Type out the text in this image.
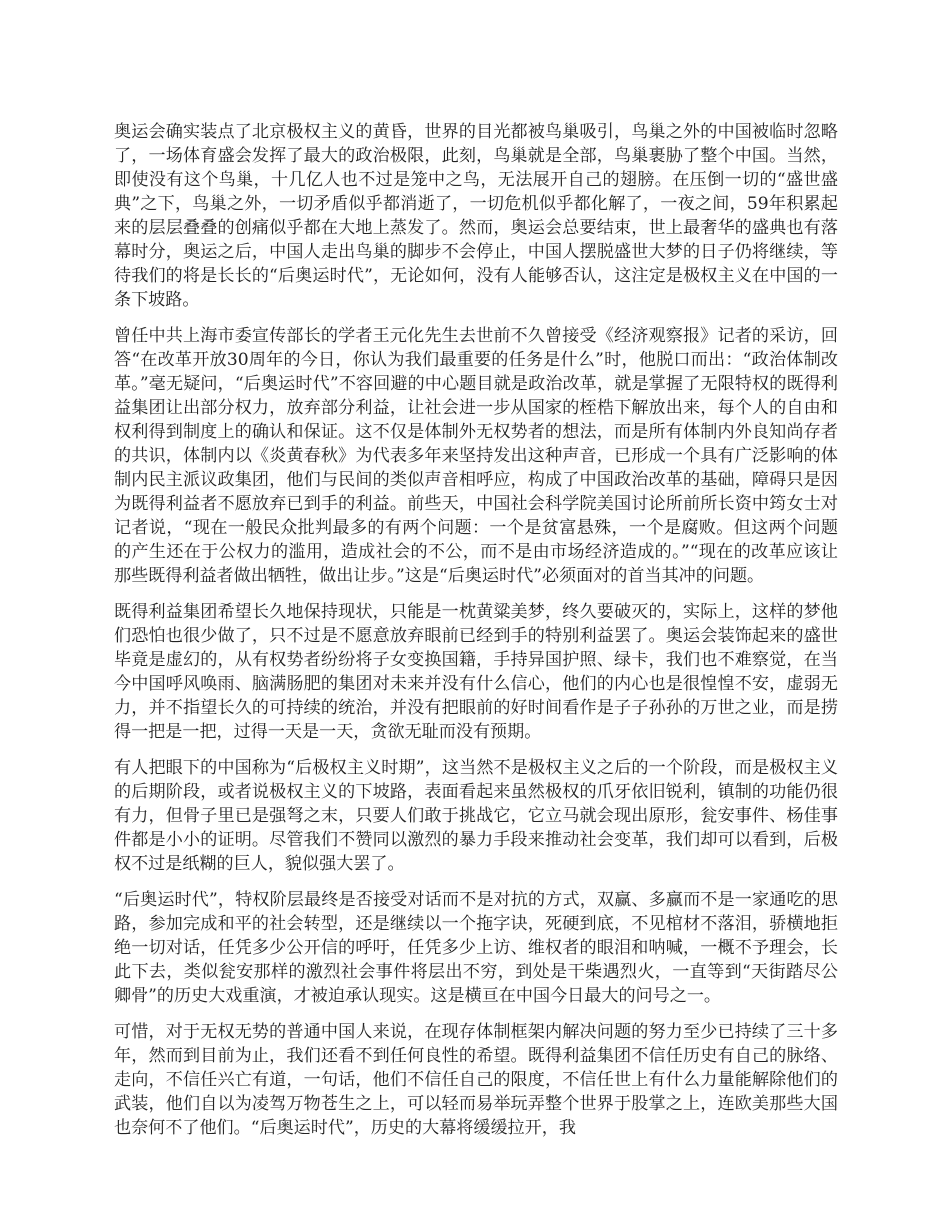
奥运会确实装点了北京极权主义的黄昏，世界的目光都被鸟巢吸引，鸟巢之外的中国被临时忽略了，一场体育盛会发挥了最大的政治极限，此刻，鸟巢就是全部，鸟巢裹胁了整个中国。当然，即使没有这个鸟巢，十几亿人也不过是笼中之鸟，无法展开自己的翅膀。在压倒一切的“盛世盛典”之下，鸟巢之外，一切矛盾似乎都消逝了，一切危机似乎都化解了，一夜之间，59年积累起来的层层叠叠的创痛似乎都在大地上蒸发了。然而，奥运会总要结束，世上最奢华的盛典也有落幕时分，奥运之后，中国人走出鸟巢的脚步不会停止，中国人摆脱盛世大梦的日子仍将继续，等待我们的将是长长的“后奥运时代”，无论如何，没有人能够否认，这注定是极权主义在中国的一条下坡路。

曾任中共上海市委宣传部长的学者王元化先生去世前不久曾接受《经济观察报》记者的采访，回答“在改革开放30周年的今日，你认为我们最重要的任务是什么”时，他脱口而出：“政治体制改革。”毫无疑问，“后奥运时代”不容回避的中心题目就是政治改革，就是掌握了无限特权的既得利益集团让出部分权力，放弃部分利益，让社会进一步从国家的桎梏下解放出来，每个人的自由和权利得到制度上的确认和保证。这不仅是体制外无权势者的想法，而是所有体制内外良知尚存者的共识，体制内以《炎黄春秋》为代表多年来坚持发出这种声音，已形成一个具有广泛影响的体制内民主派议政集团，他们与民间的类似声音相呼应，构成了中国政治改革的基础，障碍只是因为既得利益者不愿放弃已到手的利益。前些天，中国社会科学院美国讨论所前所长资中筠女士对记者说，“现在一般民众批判最多的有两个问题：一个是贫富悬殊，一个是腐败。但这两个问题的产生还在于公权力的滥用，造成社会的不公，而不是由市场经济造成的。”“现在的改革应该让那些既得利益者做出牺牲，做出让步。”这是“后奥运时代”必须面对的首当其冲的问题。

既得利益集团希望长久地保持现状，只能是一枕黄粱美梦，终久要破灭的，实际上，这样的梦他们恐怕也很少做了，只不过是不愿意放弃眼前已经到手的特别利益罢了。奥运会装饰起来的盛世毕竟是虚幻的，从有权势者纷纷将子女变换国籍，手持异国护照、绿卡，我们也不难察觉，在当今中国呼风唤雨、脑满肠肥的集团对未来并没有什么信心，他们的内心也是很惶惶不安，虚弱无力，并不指望长久的可持续的统治，并没有把眼前的好时间看作是子子孙孙的万世之业，而是捞得一把是一把，过得一天是一天，贪欲无耻而没有预期。

有人把眼下的中国称为“后极权主义时期”，这当然不是极权主义之后的一个阶段，而是极权主义的后期阶段，或者说极权主义的下坡路，表面看起来虽然极权的爪牙依旧锐利，镇制的功能仍很有力，但骨子里已是强弩之末，只要人们敢于挑战它，它立马就会现出原形，瓮安事件、杨佳事件都是小小的证明。尽管我们不赞同以激烈的暴力手段来推动社会变革，我们却可以看到，后极权不过是纸糊的巨人，貌似强大罢了。

“后奥运时代”，特权阶层最终是否接受对话而不是对抗的方式，双赢、多赢而不是一家通吃的思路，参加完成和平的社会转型，还是继续以一个拖字诀，死硬到底，不见棺材不落泪，骄横地拒绝一切对话，任凭多少公开信的呼吁，任凭多少上访、维权者的眼泪和呐喊，一概不予理会，长此下去，类似瓮安那样的激烈社会事件将层出不穷，到处是干柴遇烈火，一直等到“天街踏尽公卿骨”的历史大戏重演，才被迫承认现实。这是横亘在中国今日最大的问号之一。

可惜，对于无权无势的普通中国人来说，在现存体制框架内解决问题的努力至少已持续了三十多年，然而到目前为止，我们还看不到任何良性的希望。既得利益集团不信任历史有自己的脉络、走向，不信任兴亡有道，一句话，他们不信任自己的限度，不信任世上有什么力量能解除他们的武装，他们自以为凌驾万物苍生之上，可以轻而易举玩弄整个世界于股掌之上，连欧美那些大国也奈何不了他们。“后奥运时代”，历史的大幕将缓缓拉开，我
